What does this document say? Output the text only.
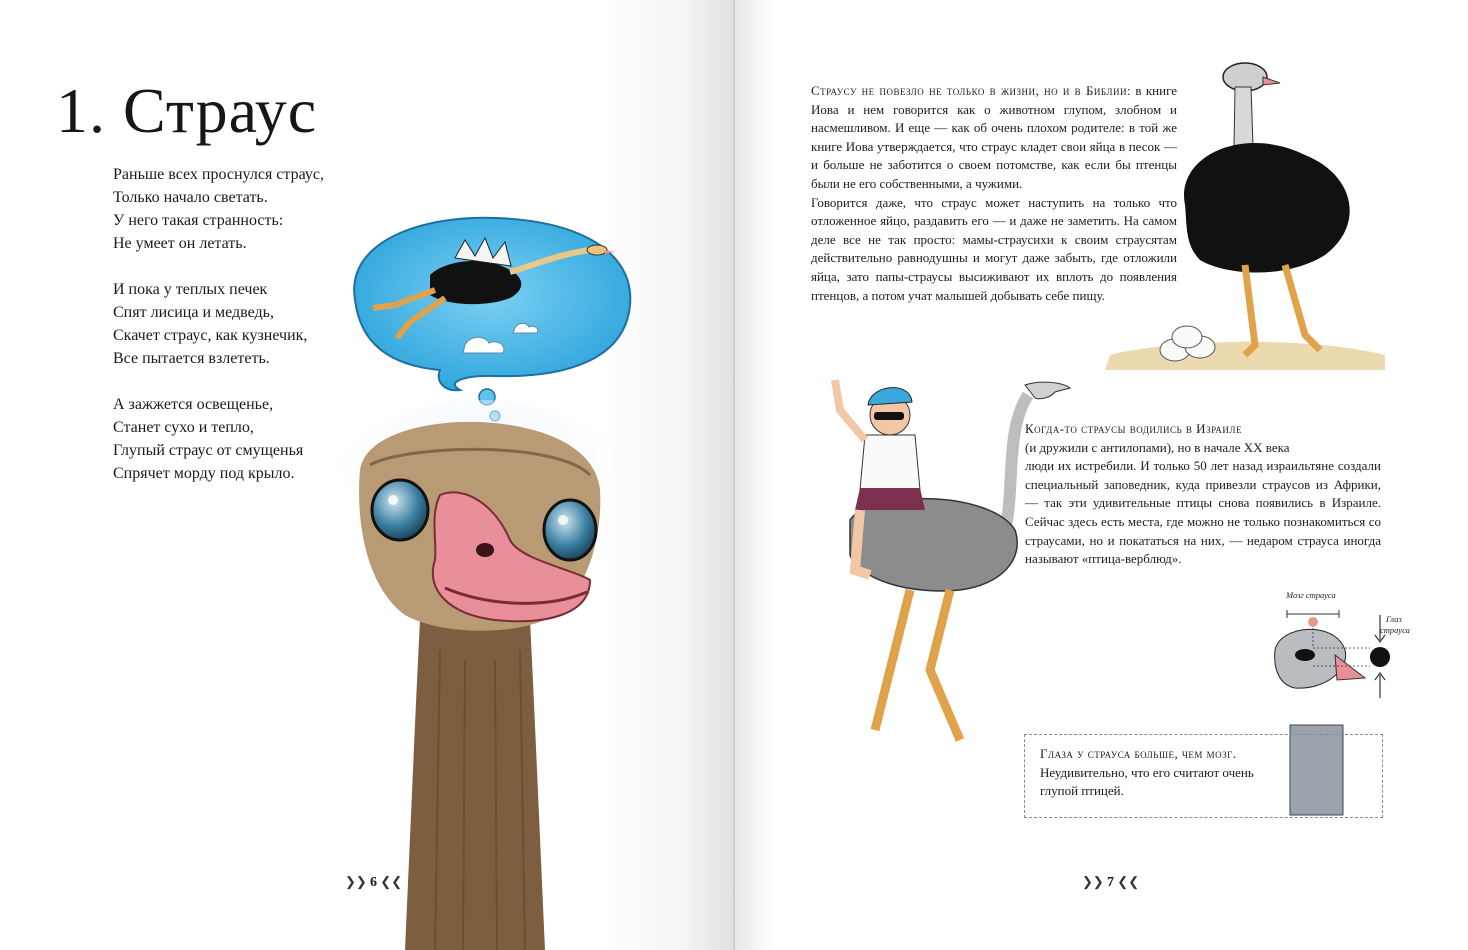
1. Страус
Раньше всех проснулся страус,
Только начало светать.
У него такая странность:
Не умеет он летать.
И пока у теплых печек
Спят лисица и медведь,
Скачет страус, как кузнечик,
Все пытается взлететь.
А зажжется освещенье,
Станет сухо и тепло,
Глупый страус от смущенья
Спрячет морду под крыло.
❯❯ 6 ❮❮
Страусу не повезло не только в жизни, но и в Библии: в книге Иова и нем говорится как о животном глупом, злобном и насмешливом. И еще — как об очень плохом родителе: в той же книге Иова утверждается, что страус кладет свои яйца в песок — и больше не заботится о своем потомстве, как если бы птенцы были не его собственными, а чужими.
Говорится даже, что страус может наступить на только что отложенное яйцо, раздавить его — и даже не заметить. На самом деле все не так просто: мамы-страусихи к своим страусятам действительно равнодушны и могут даже забыть, где отложили яйца, зато папы-страусы высиживают их вплоть до появления птенцов, а потом учат малышей добывать себе пищу.
Когда-то страусы водились в Израиле
(и дружили с антилопами), но в начале XX века
люди их истребили. И только 50 лет назад израильтяне создали специальный заповедник, куда привезли страусов из Африки, — так эти удивительные птицы снова появились в Израиле. Сейчас здесь есть места, где можно не только познакомиться со страусами, но и покататься на них, — недаром страуса иногда называют «птица-верблюд».
Мозг страуса
Глаз
страуса
Глаза у страуса больше, чем мозг. Неудивительно, что его считают очень глупой птицей.
❯❯ 7 ❮❮
